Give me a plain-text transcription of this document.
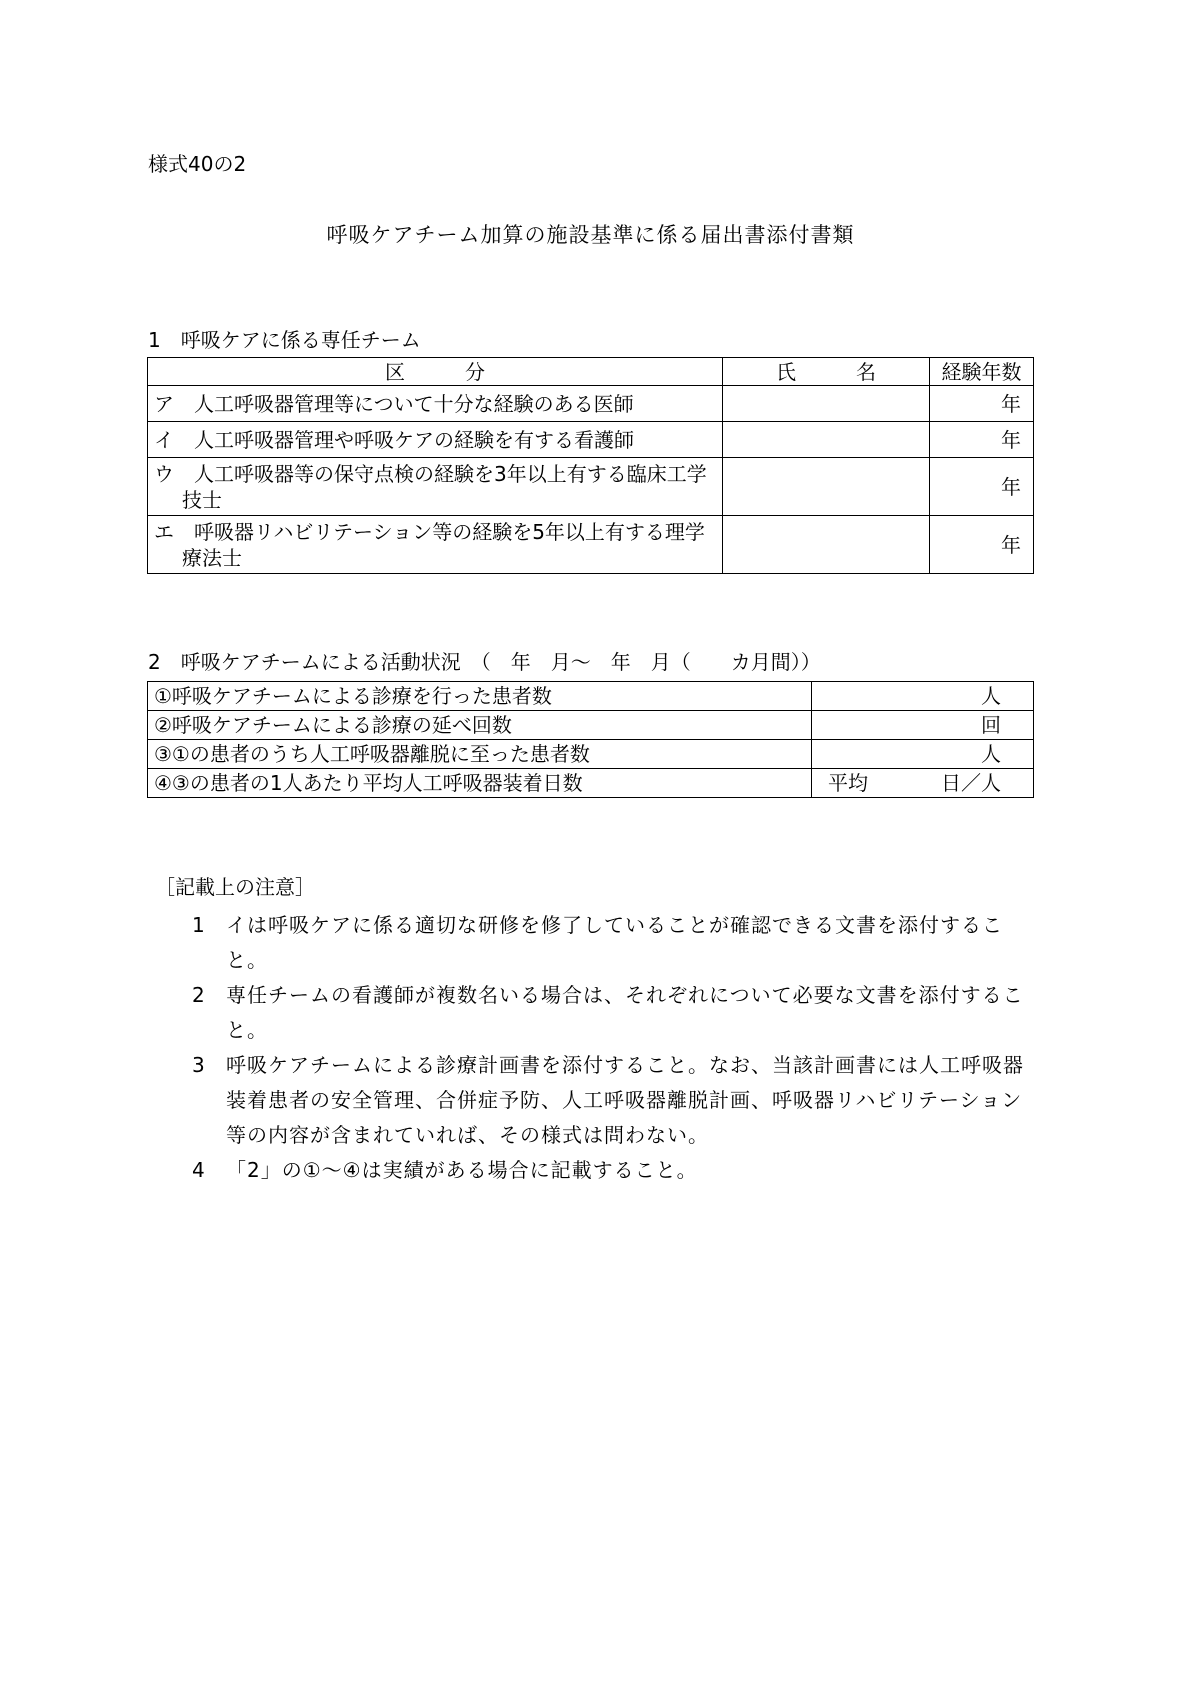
様式40の2
呼吸ケアチーム加算の施設基準に係る届出書添付書類
1　呼吸ケアに係る専任チーム
区　　　分	氏　　　名	経験年数
ア　人工呼吸器管理等について十分な経験のある医師		年
イ　人工呼吸器管理や呼吸ケアの経験を有する看護師		年
ウ　人工呼吸器等の保守点検の経験を3年以上有する臨床工学技士		年
エ　呼吸器リハビリテーション等の経験を5年以上有する理学療法士		年
2　呼吸ケアチームによる活動状況　（　年　月～　年　月（　　カ月間））
①呼吸ケアチームによる診療を行った患者数	人
②呼吸ケアチームによる診療の延べ回数	回
③①の患者のうち人工呼吸器離脱に至った患者数	人
④③の患者の1人あたり平均人工呼吸器装着日数	平均 日／人
［記載上の注意］
1 イは呼吸ケアに係る適切な研修を修了していることが確認できる文書を添付すること。
2 専任チームの看護師が複数名いる場合は、それぞれについて必要な文書を添付すること。
3 呼吸ケアチームによる診療計画書を添付すること。なお、当該計画書には人工呼吸器装着患者の安全管理、合併症予防、人工呼吸器離脱計画、呼吸器リハビリテーション等の内容が含まれていれば、その様式は問わない。
4 「2」の①～④は実績がある場合に記載すること。
